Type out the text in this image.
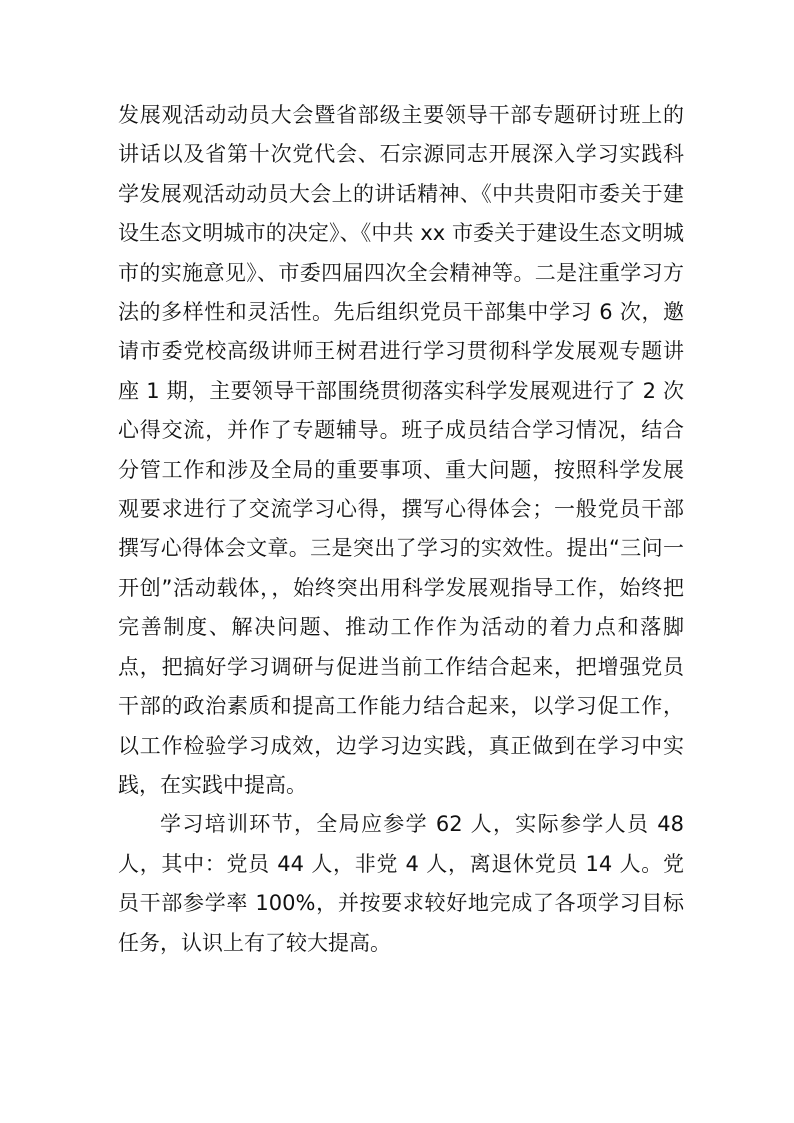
发展观活动动员大会暨省部级主要领导干部专题研讨班上的讲话以及省第十次党代会、石宗源同志开展深入学习实践科学发展观活动动员大会上的讲话精神、《中共贵阳市委关于建设生态文明城市的决定》、《中共 xx 市委关于建设生态文明城市的实施意见》、市委四届四次全会精神等。二是注重学习方法的多样性和灵活性。先后组织党员干部集中学习 6 次，邀请市委党校高级讲师王树君进行学习贯彻科学发展观专题讲座 1 期，主要领导干部围绕贯彻落实科学发展观进行了 2 次心得交流，并作了专题辅导。班子成员结合学习情况，结合分管工作和涉及全局的重要事项、重大问题，按照科学发展观要求进行了交流学习心得，撰写心得体会；一般党员干部撰写心得体会文章。三是突出了学习的实效性。提出“三问一开创”活动载体，，始终突出用科学发展观指导工作，始终把完善制度、解决问题、推动工作作为活动的着力点和落脚点，把搞好学习调研与促进当前工作结合起来，把增强党员干部的政治素质和提高工作能力结合起来，以学习促工作，以工作检验学习成效，边学习边实践，真正做到在学习中实践，在实践中提高。

学习培训环节，全局应参学 62 人，实际参学人员 48 人，其中：党员 44 人，非党 4 人，离退休党员 14 人。党员干部参学率 100%，并按要求较好地完成了各项学习目标任务，认识上有了较大提高。
